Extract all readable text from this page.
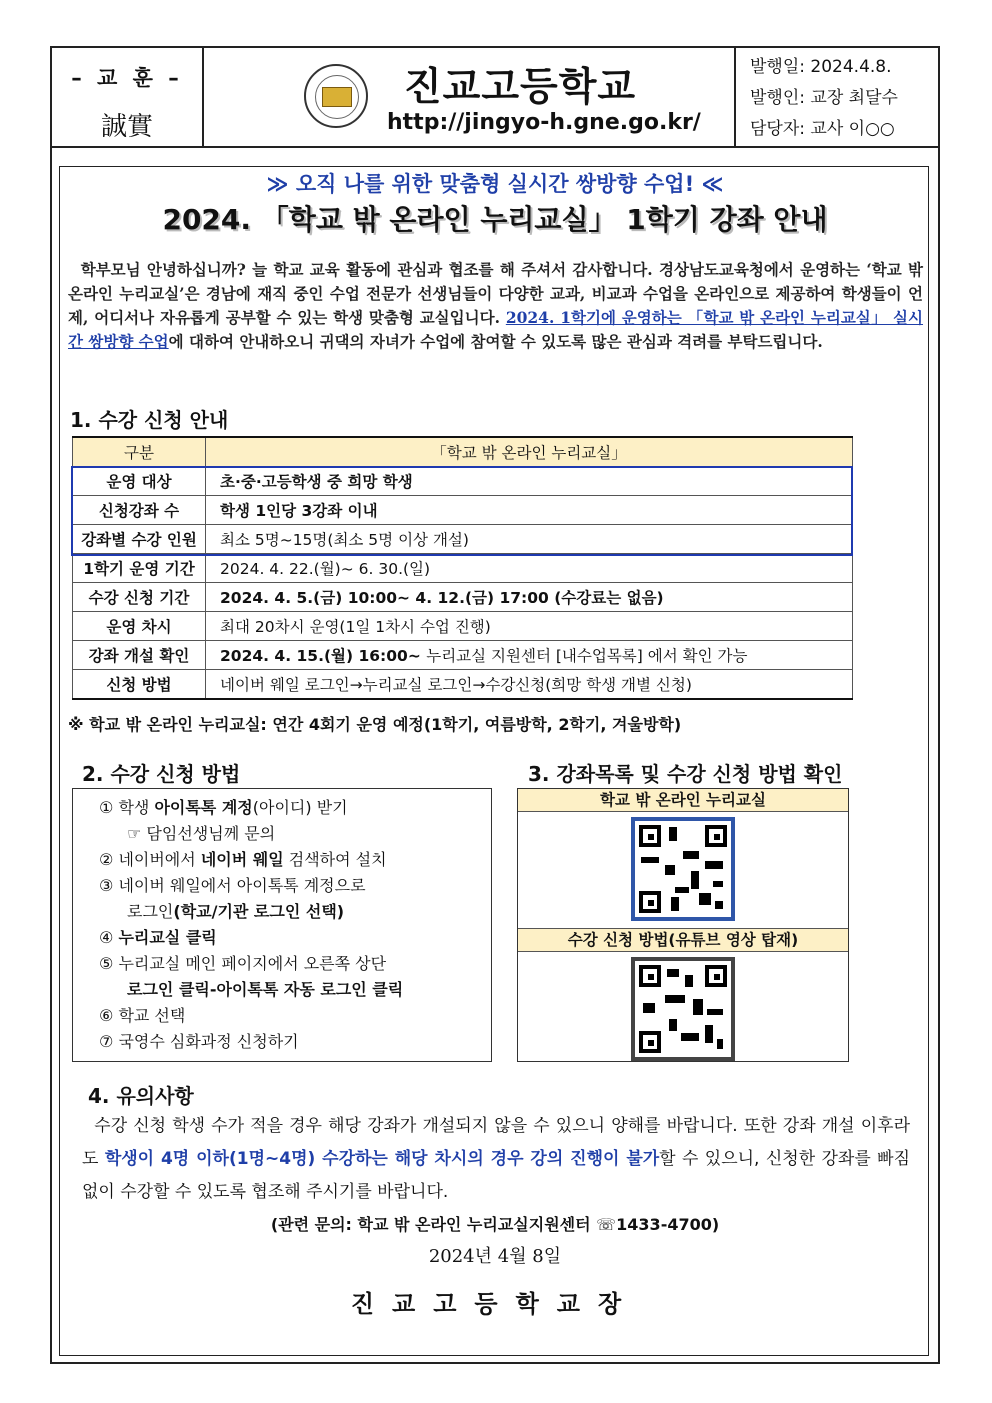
– 교 훈 –
誠實
진교고등학교
http://jingyo-h.gne.go.kr/
발행일: 2024.4.8.
발행인: 교장 최달수
담당자: 교사 이○○
≫ 오직 나를 위한 맞춤형 실시간 쌍방향 수업! ≪
2024. 「학교 밖 온라인 누리교실」 1학기 강좌 안내
학부모님 안녕하십니까? 늘 학교 교육 활동에 관심과 협조를 해 주셔서 감사합니다. 경상남도교육청에서 운영하는 ‘학교 밖 온라인 누리교실’은 경남에 재직 중인 수업 전문가 선생님들이 다양한 교과, 비교과 수업을 온라인으로 제공하여 학생들이 언제, 어디서나 자유롭게 공부할 수 있는 학생 맞춤형 교실입니다. 2024. 1학기에 운영하는 「학교 밖 온라인 누리교실」 실시간 쌍방향 수업에 대하여 안내하오니 귀댁의 자녀가 수업에 참여할 수 있도록 많은 관심과 격려를 부탁드립니다.
1. 수강 신청 안내
구분	「학교 밖 온라인 누리교실」
운영 대상	초·중·고등학생 중 희망 학생
신청강좌 수	학생 1인당 3강좌 이내
강좌별 수강 인원	최소 5명~15명(최소 5명 이상 개설)
1학기 운영 기간	2024. 4. 22.(월)~ 6. 30.(일)
수강 신청 기간	2024. 4. 5.(금) 10:00~ 4. 12.(금) 17:00 (수강료는 없음)
운영 차시	최대 20차시 운영(1일 1차시 수업 진행)
강좌 개설 확인	2024. 4. 15.(월) 16:00~ 누리교실 지원센터 [내수업목록] 에서 확인 가능
신청 방법	네이버 웨일 로그인→누리교실 로그인→수강신청(희망 학생 개별 신청)
※ 학교 밖 온라인 누리교실: 연간 4회기 운영 예정(1학기, 여름방학, 2학기, 겨울방학)
2. 수강 신청 방법
① 학생 아이톡톡 계정(아이디) 받기
☞ 담임선생님께 문의
② 네이버에서 네이버 웨일 검색하여 설치
③ 네이버 웨일에서 아이톡톡 계정으로
로그인(학교/기관 로그인 선택)
④ 누리교실 클릭
⑤ 누리교실 메인 페이지에서 오른쪽 상단
로그인 클릭-아이톡톡 자동 로그인 클릭
⑥ 학교 선택
⑦ 국영수 심화과정 신청하기
3. 강좌목록 및 수강 신청 방법 확인
학교 밖 온라인 누리교실
수강 신청 방법(유튜브 영상 탑재)
4. 유의사항
수강 신청 학생 수가 적을 경우 해당 강좌가 개설되지 않을 수 있으니 양해를 바랍니다. 또한 강좌 개설 이후라도 학생이 4명 이하(1명~4명) 수강하는 해당 차시의 경우 강의 진행이 불가할 수 있으니, 신청한 강좌를 빠짐없이 수강할 수 있도록 협조해 주시기를 바랍니다.
(관련 문의: 학교 밖 온라인 누리교실지원센터 ☏1433-4700)
2024년 4월 8일
진교고등학교장
